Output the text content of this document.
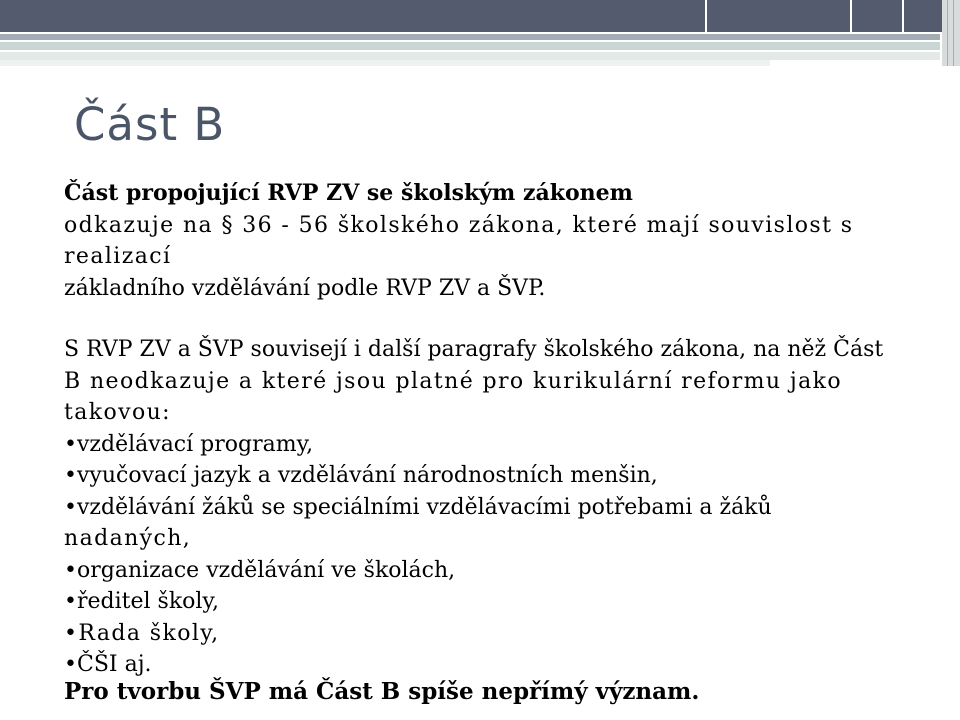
Část B

Část propojující RVP ZV se školským zákonem

odkazuje na § 36 - 56 školského zákona, které mají souvislost s realizací

základního vzdělávání podle RVP ZV a ŠVP.

S RVP ZV a ŠVP souvisejí i další paragrafy školského zákona, na něž Část

B neodkazuje a které jsou platné pro kurikulární reformu jako takovou:

• vzdělávací programy,

• vyučovací jazyk a vzdělávání národnostních menšin,

• vzdělávání žáků se speciálními vzdělávacími potřebami a žáků

nadaných,

• organizace vzdělávání ve školách,

• ředitel školy,

• Rada školy,

• ČŠI aj.

Pro tvorbu ŠVP má Část B spíše nepřímý význam.
